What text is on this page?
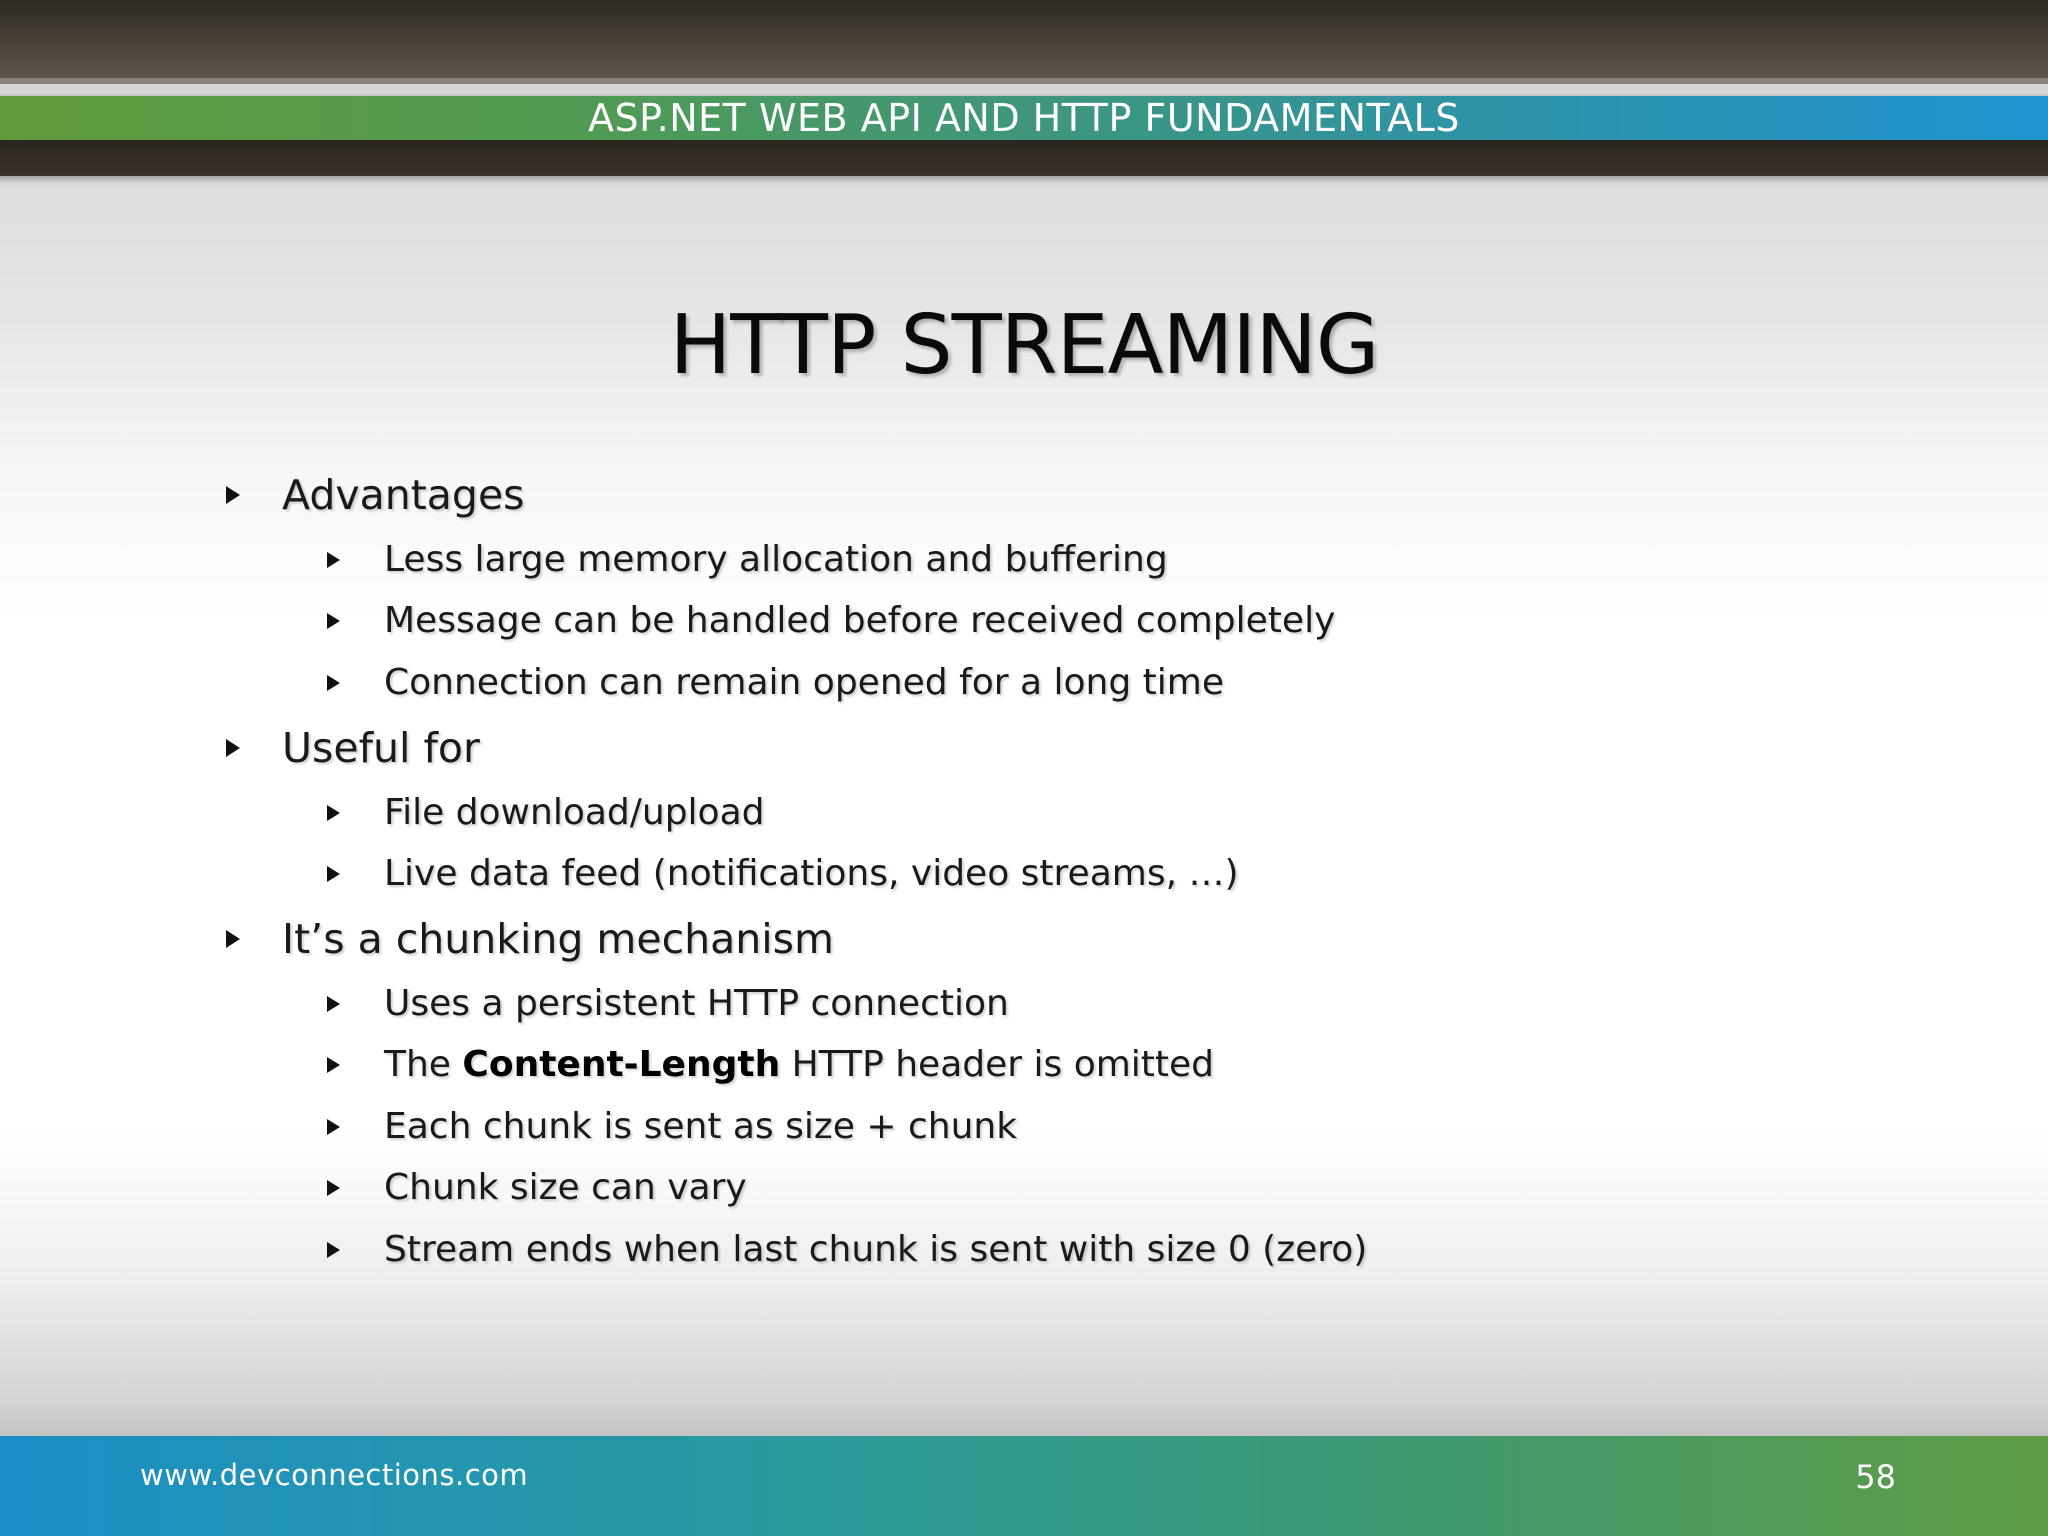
ASP.NET WEB API AND HTTP FUNDAMENTALS
HTTP STREAMING
Advantages
Less large memory allocation and buffering
Message can be handled before received completely
Connection can remain opened for a long time
Useful for
File download/upload
Live data feed (notifications, video streams, …)
It’s a chunking mechanism
Uses a persistent HTTP connection
The Content-Length HTTP header is omitted
Each chunk is sent as size + chunk
Chunk size can vary
Stream ends when last chunk is sent with size 0 (zero)
www.devconnections.com	58
